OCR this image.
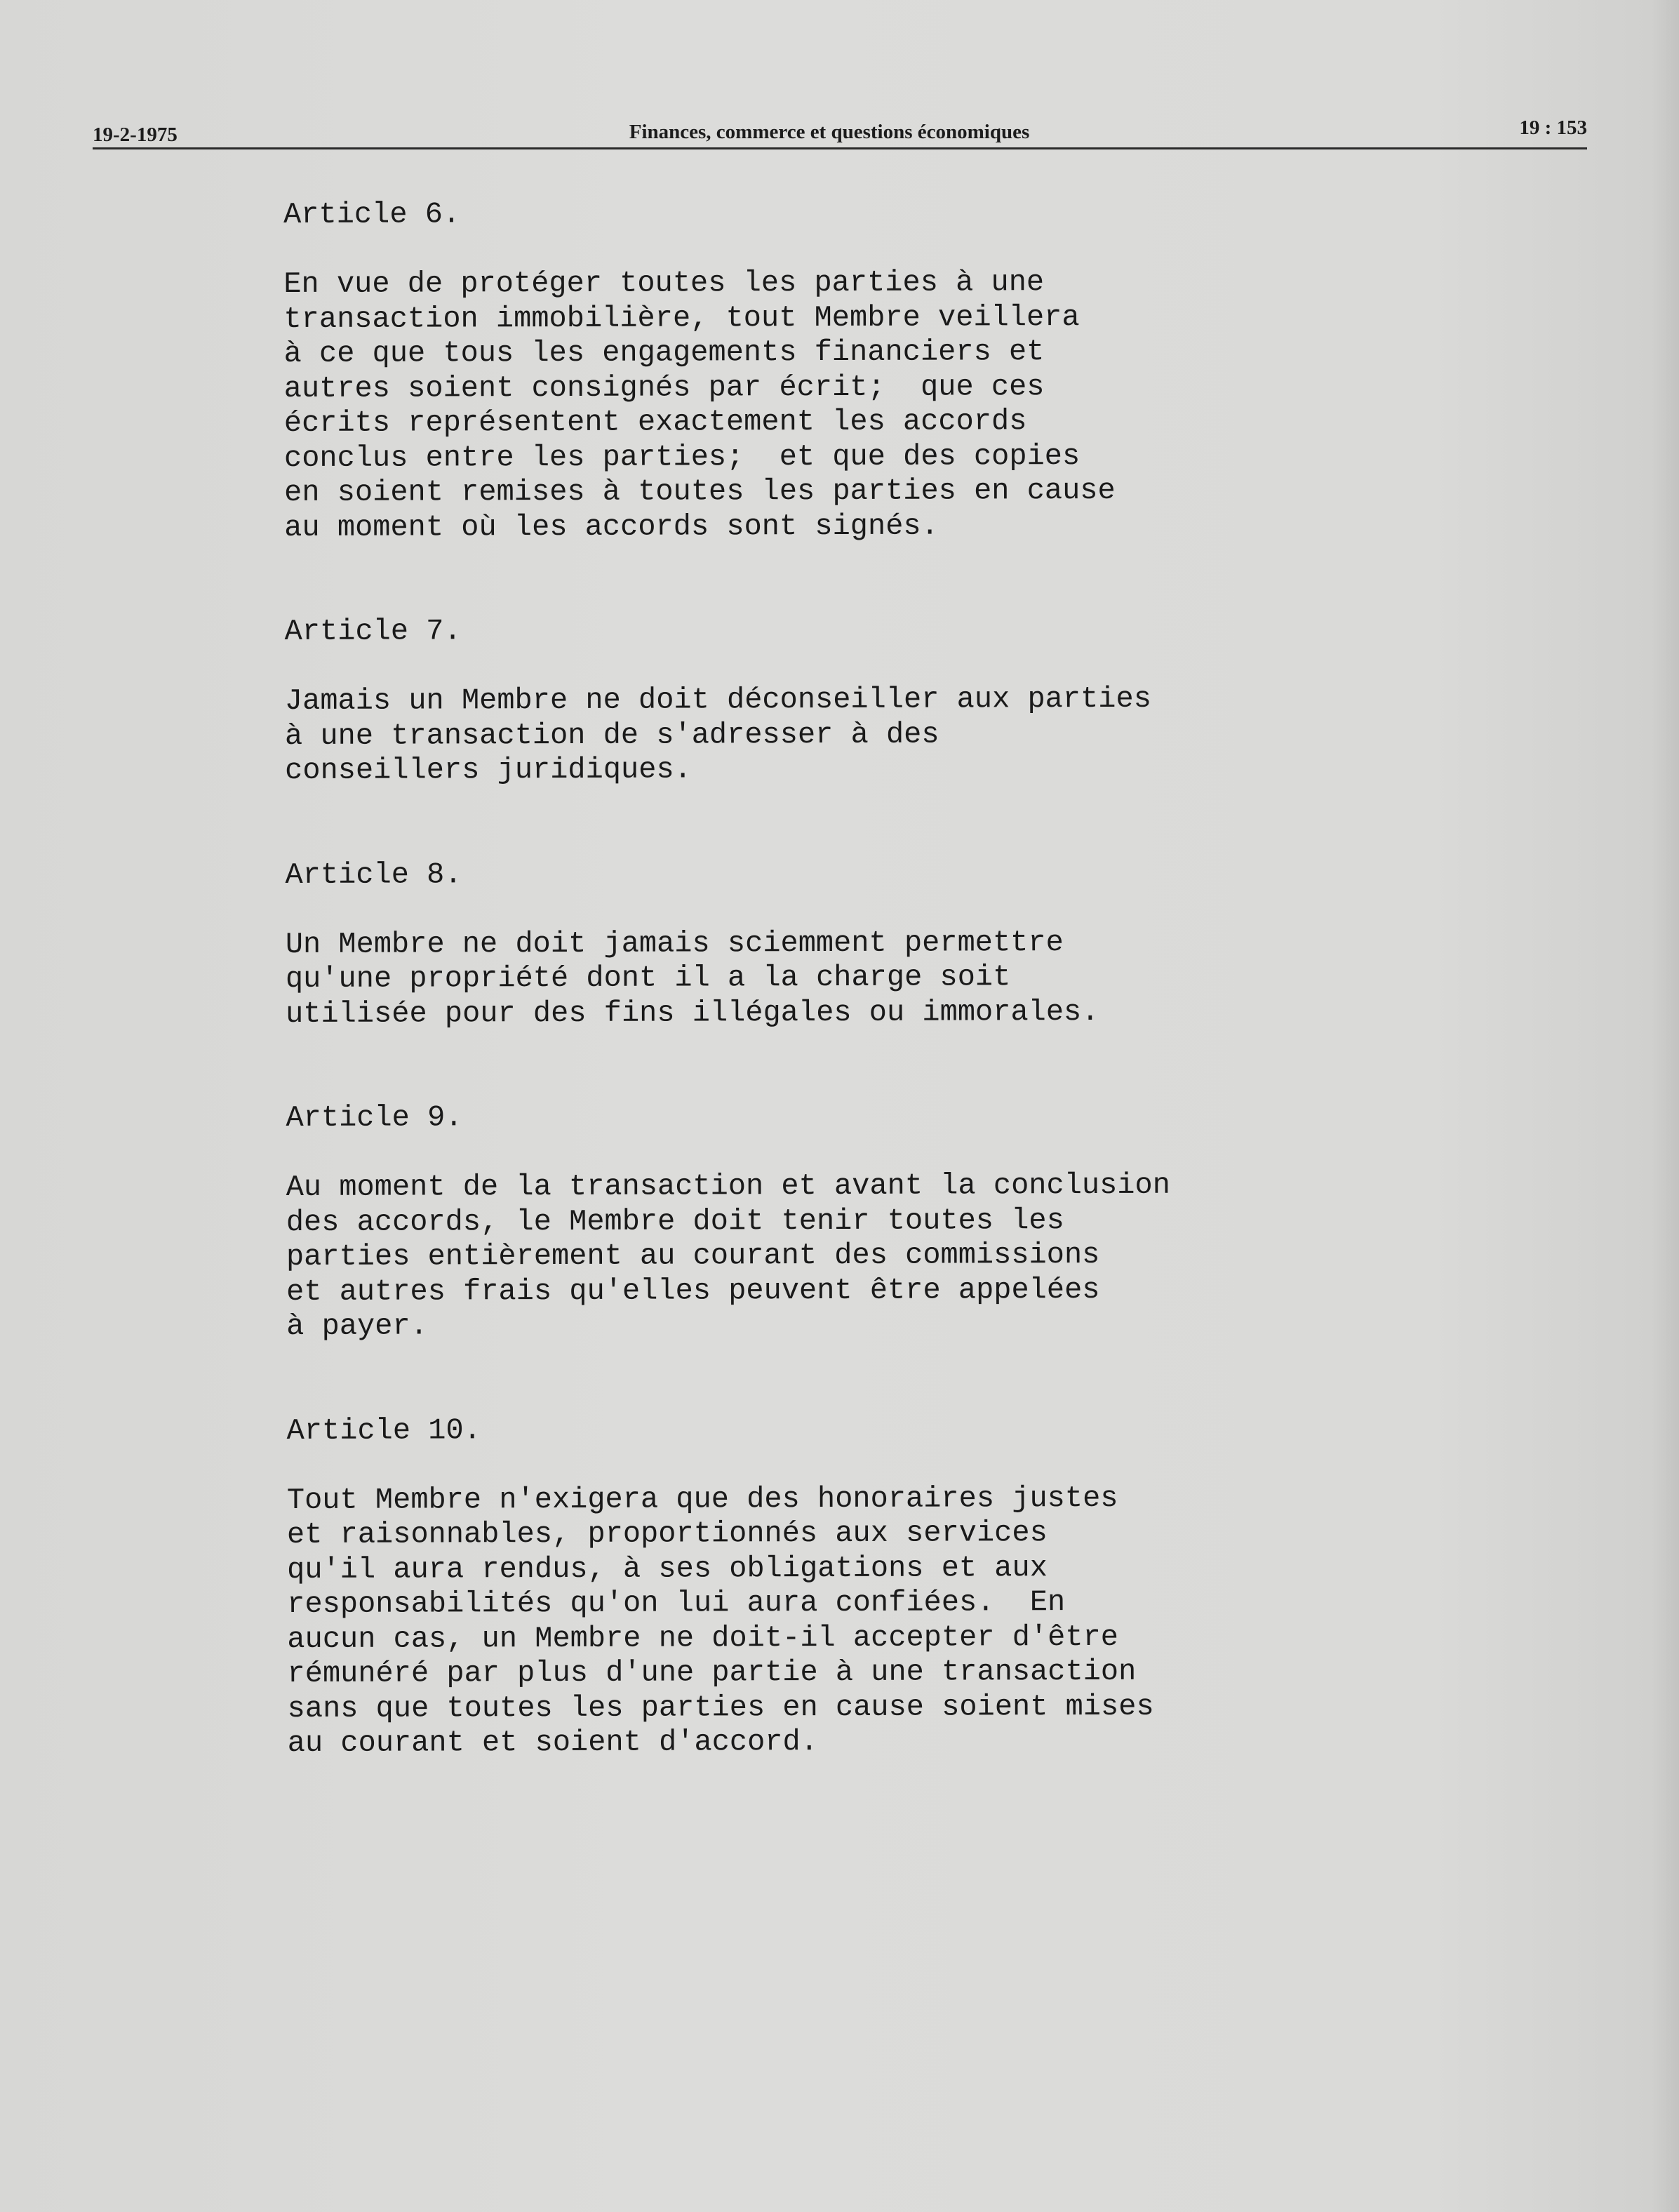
19-2-1975	Finances, commerce et questions économiques	19 : 153

Article 6.

En vue de protéger toutes les parties à une

transaction immobilière, tout Membre veillera

à ce que tous les engagements financiers et

autres soient consignés par écrit;  que ces

écrits représentent exactement les accords

conclus entre les parties;  et que des copies

en soient remises à toutes les parties en cause

au moment où les accords sont signés.

Article 7.

Jamais un Membre ne doit déconseiller aux parties

à une transaction de s'adresser à des

conseillers juridiques.

Article 8.

Un Membre ne doit jamais sciemment permettre

qu'une propriété dont il a la charge soit

utilisée pour des fins illégales ou immorales.

Article 9.

Au moment de la transaction et avant la conclusion

des accords, le Membre doit tenir toutes les

parties entièrement au courant des commissions

et autres frais qu'elles peuvent être appelées

à payer.

Article 10.

Tout Membre n'exigera que des honoraires justes

et raisonnables, proportionnés aux services

qu'il aura rendus, à ses obligations et aux

responsabilités qu'on lui aura confiées.  En

aucun cas, un Membre ne doit-il accepter d'être

rémunéré par plus d'une partie à une transaction

sans que toutes les parties en cause soient mises

au courant et soient d'accord.
